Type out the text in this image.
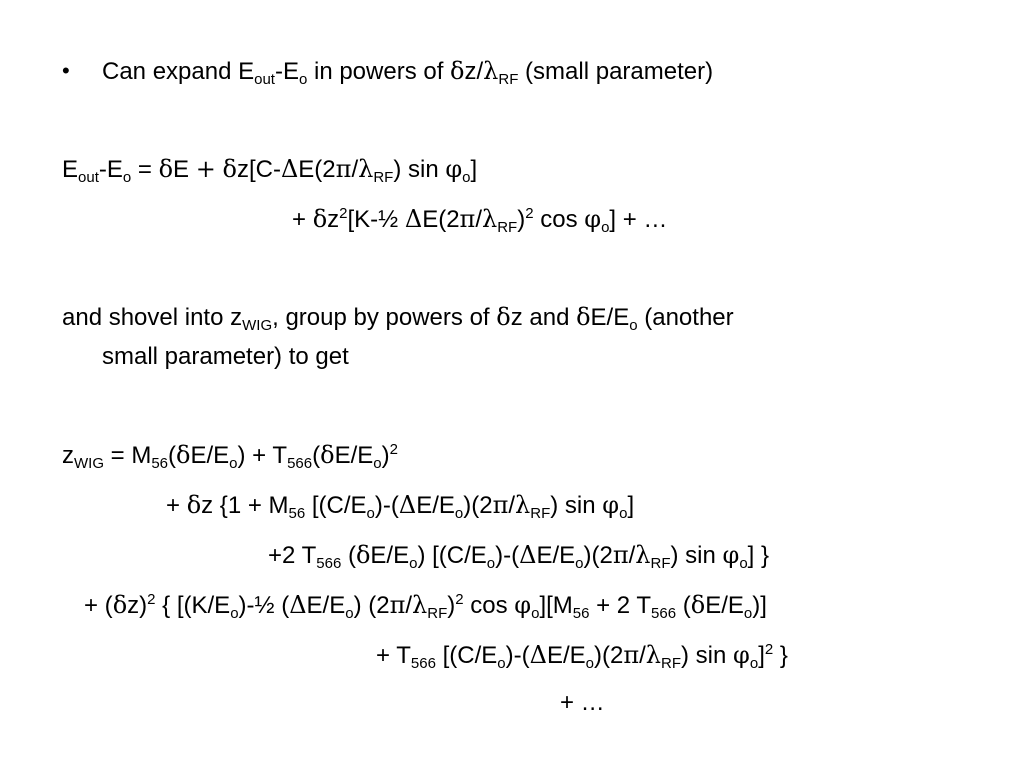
• Can expand $E_{out}-E_o$ in powers of $\delta z/\lambda_{RF}$ (small parameter)
$E_{out}-E_o = \delta E + \delta z[C-\Delta E(2\pi/\lambda_{RF})$ $\sin \varphi_o$]
+ $\delta z^2[K-\frac{1}{2}$ $\Delta E(2\pi/\lambda_{RF})^2$ $\cos \varphi_o$] + …
and shovel into $z_{WIG}$, group by powers of δz and $\delta E/E_o$ (another
small parameter) to get
$z_{WIG} = M_{56}(\delta E/E_o) + T_{566}(\delta E/E_o)^2$
+ δz {$1 + M_{56}$ [$(C/E_o)-(\Delta E/E_o)(2\pi/\lambda_{RF})$ $\sin \varphi_o$]
+2 $T_{566}$ $(\delta E/E_o)$ [$(C/E_o)-(\Delta E/E_o)(2\pi/\lambda_{RF})$ $\sin \varphi_o$] }
+ $(\delta z)^2$ { [$(K/E_o)-\frac{1}{2}$ $(\Delta E/E_o)$ $(2\pi/\lambda_{RF})^2$ $\cos \varphi_o][M_{56} + 2$ $T_{566}$ $(\delta E/E_o)$]
+ $T_{566}$ [$(C/E_o)-(\Delta E/E_o)(2\pi/\lambda_{RF})$ $\sin \varphi_o]^2$ }
+ …
